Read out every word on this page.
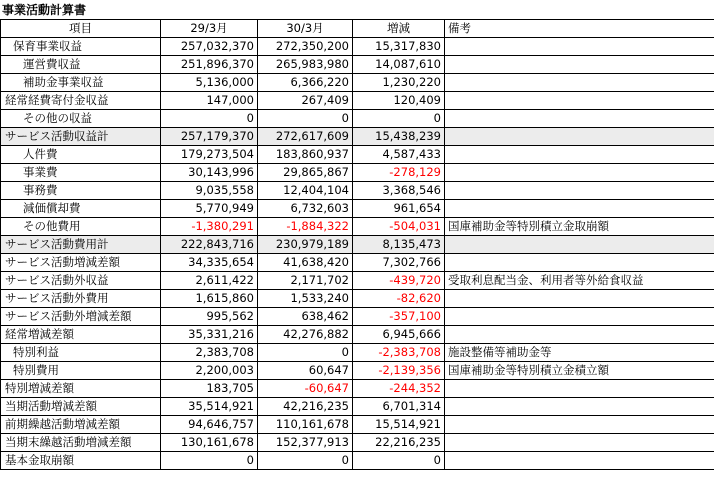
事業活動計算書
項目	29/3月	30/3月	増減	備考
保育事業収益	257,032,370	272,350,200	15,317,830	
運営費収益	251,896,370	265,983,980	14,087,610	
補助金事業収益	5,136,000	6,366,220	1,230,220	
経常経費寄付金収益	147,000	267,409	120,409	
その他の収益	0	0	0	
サービス活動収益計	257,179,370	272,617,609	15,438,239	
人件費	179,273,504	183,860,937	4,587,433	
事業費	30,143,996	29,865,867	-278,129	
事務費	9,035,558	12,404,104	3,368,546	
減価償却費	5,770,949	6,732,603	961,654	
その他費用	-1,380,291	-1,884,322	-504,031	国庫補助金等特別積立金取崩額
サービス活動費用計	222,843,716	230,979,189	8,135,473	
サービス活動増減差額	34,335,654	41,638,420	7,302,766	
サービス活動外収益	2,611,422	2,171,702	-439,720	受取利息配当金、利用者等外給食収益
サービス活動外費用	1,615,860	1,533,240	-82,620	
サービス活動外増減差額	995,562	638,462	-357,100	
経常増減差額	35,331,216	42,276,882	6,945,666	
特別利益	2,383,708	0	-2,383,708	施設整備等補助金等
特別費用	2,200,003	60,647	-2,139,356	国庫補助金等特別積立金積立額
特別増減差額	183,705	-60,647	-244,352	
当期活動増減差額	35,514,921	42,216,235	6,701,314	
前期繰越活動増減差額	94,646,757	110,161,678	15,514,921	
当期末繰越活動増減差額	130,161,678	152,377,913	22,216,235	
基本金取崩額	0	0	0	
